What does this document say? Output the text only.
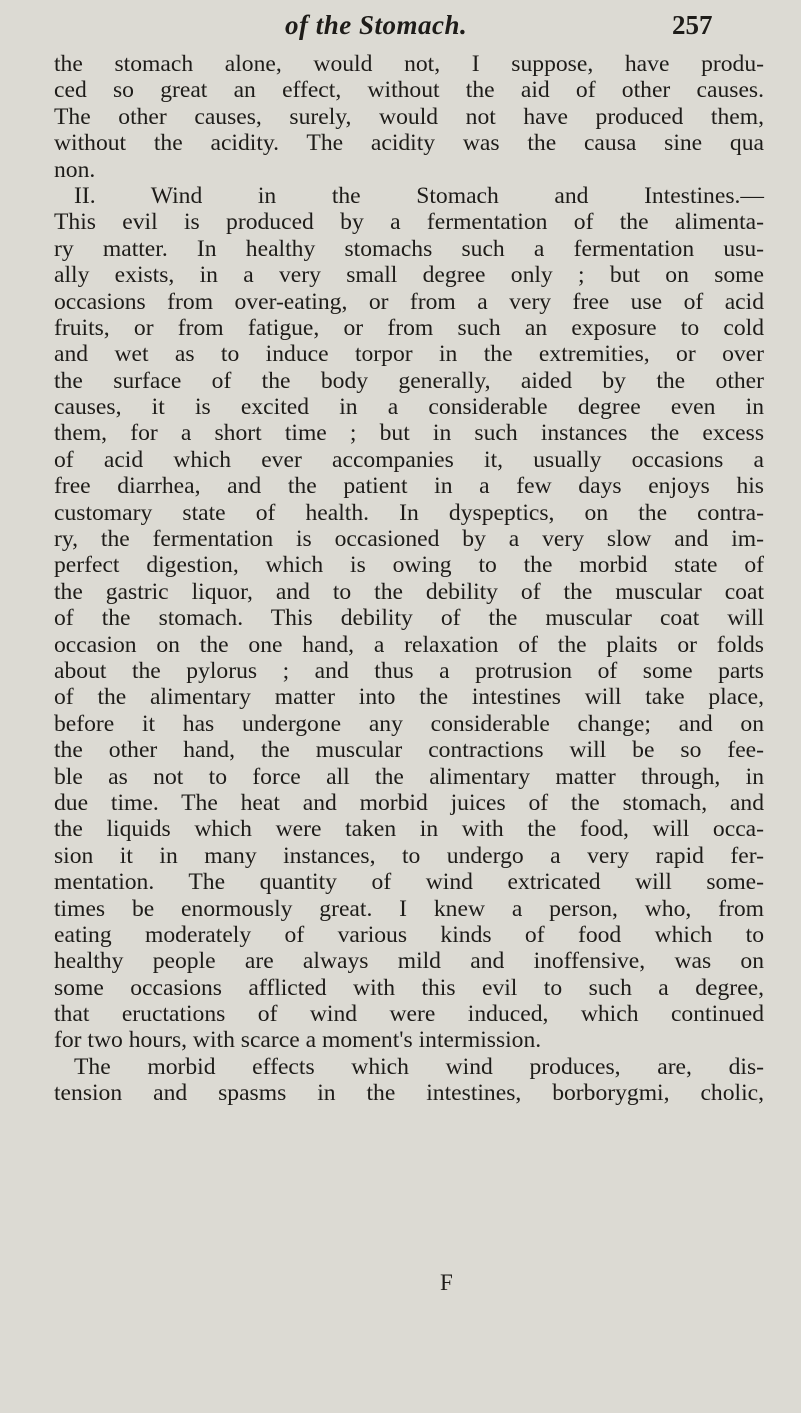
of the Stomach.	257
the stomach alone, would not, I suppose, have produ-
ced so great an effect, without the aid of other causes.
The other causes, surely, would not have produced them,
without the acidity. The acidity was the causa sine qua
non.
II. Wind in the Stomach and Intestines.—
This evil is produced by a fermentation of the alimenta-
ry matter. In healthy stomachs such a fermentation usu-
ally exists, in a very small degree only ; but on some
occasions from over-eating, or from a very free use of acid
fruits, or from fatigue, or from such an exposure to cold
and wet as to induce torpor in the extremities, or over
the surface of the body generally, aided by the other
causes, it is excited in a considerable degree even in
them, for a short time ; but in such instances the excess
of acid which ever accompanies it, usually occasions a
free diarrhea, and the patient in a few days enjoys his
customary state of health. In dyspeptics, on the contra-
ry, the fermentation is occasioned by a very slow and im-
perfect digestion, which is owing to the morbid state of
the gastric liquor, and to the debility of the muscular coat
of the stomach. This debility of the muscular coat will
occasion on the one hand, a relaxation of the plaits or folds
about the pylorus ; and thus a protrusion of some parts
of the alimentary matter into the intestines will take place,
before it has undergone any considerable change; and on
the other hand, the muscular contractions will be so fee-
ble as not to force all the alimentary matter through, in
due time. The heat and morbid juices of the stomach, and
the liquids which were taken in with the food, will occa-
sion it in many instances, to undergo a very rapid fer-
mentation. The quantity of wind extricated will some-
times be enormously great. I knew a person, who, from
eating moderately of various kinds of food which to
healthy people are always mild and inoffensive, was on
some occasions afflicted with this evil to such a degree,
that eructations of wind were induced, which continued
for two hours, with scarce a moment's intermission.
The morbid effects which wind produces, are, dis-
tension and spasms in the intestines, borborygmi, cholic,
F
